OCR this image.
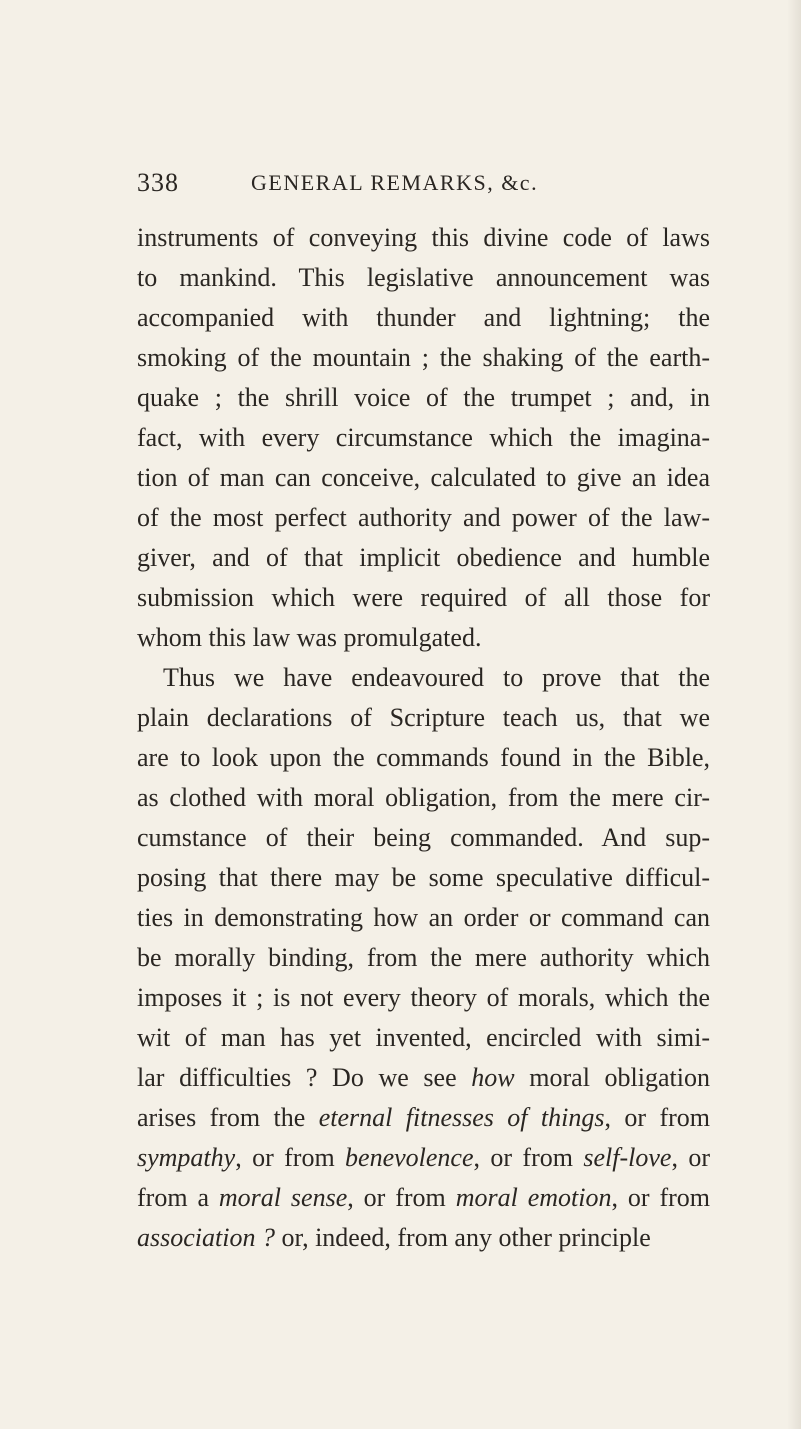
338	GENERAL REMARKS, &c.
instruments of conveying this divine code of laws
to mankind. This legislative announcement was
accompanied with thunder and lightning; the
smoking of the mountain ; the shaking of the earth-
quake ; the shrill voice of the trumpet ; and, in
fact, with every circumstance which the imagina-
tion of man can conceive, calculated to give an idea
of the most perfect authority and power of the law-
giver, and of that implicit obedience and humble
submission which were required of all those for
whom this law was promulgated.
Thus we have endeavoured to prove that the
plain declarations of Scripture teach us, that we
are to look upon the commands found in the Bible,
as clothed with moral obligation, from the mere cir-
cumstance of their being commanded. And sup-
posing that there may be some speculative difficul-
ties in demonstrating how an order or command can
be morally binding, from the mere authority which
imposes it ; is not every theory of morals, which the
wit of man has yet invented, encircled with simi-
lar difficulties ? Do we see how moral obligation
arises from the eternal fitnesses of things, or from
sympathy, or from benevolence, or from self-love, or
from a moral sense, or from moral emotion, or from
association ? or, indeed, from any other principle
